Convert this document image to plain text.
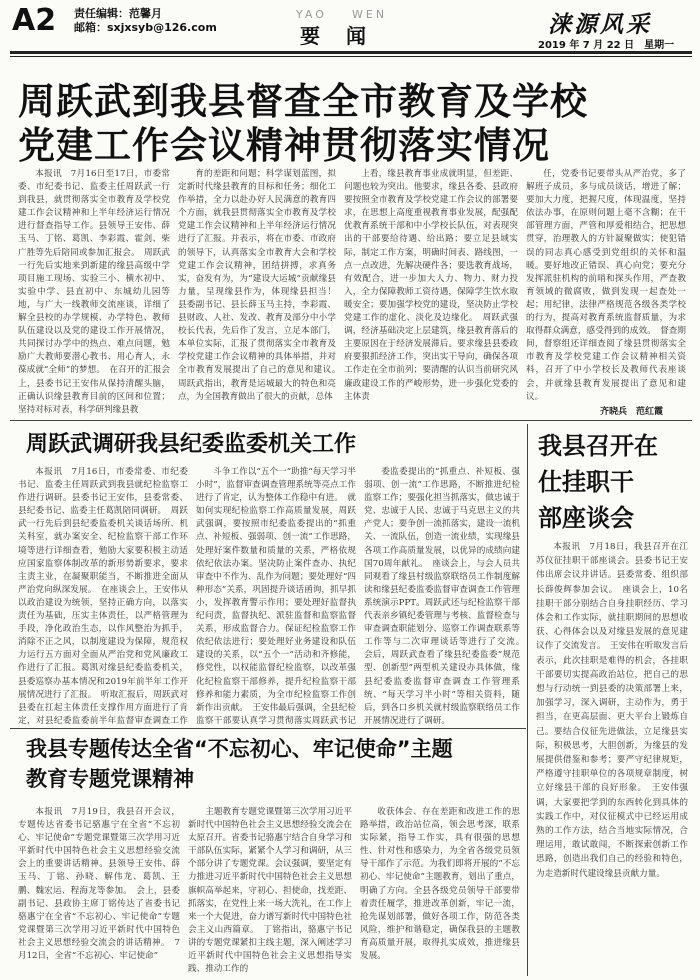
A2 责任编辑：范馨月
邮箱：sxjxsyb@126.com
YAO WEN
要闻	涞源风采
2019 年 7 月 22 日　星期一
周跃武到我县督查全市教育及学校
党建工作会议精神贯彻落实情况

本报讯　7月16日至17日，市委常委、市纪委书记、监委主任周跃武一行到我县，就贯彻落实全市教育及学校党建工作会议精神和上半年经济运行情况进行督查指导工作。县领导王安伟、薛玉马、丁铭、葛凯、李彩霞、霍剑、柴广胜等先后陪同或参加汇报会。　周跃武一行先后实地来到新建的缘县高级中学项目施工现场、实验三小、横水初中、实验中学、县直初中、东城幼儿园等地，与广大一线教师交流座谈，详细了解全县校的办学规模、办学特色、教师队伍建设以及党的建设工作开展情况，共同探讨办学中的热点、难点问题，勉励广大教师要潜心教书、用心育人，永葆成就“全师”的梦想。　在召开的汇报会上，县委书记王安伟从保持清醒头脑，正确认识缘县教育目前的区间和位置；坚持对标对表，科学研判缘县教

育的差距和问题；科学谋划蓝图，拟定新时代缘县教育的目标和任务；细化工作举措，全力以赴办好人民满意的教育四个方面，就我县贯彻落实全市教育及学校党建工作会议精神和上半年经济运行情况进行了汇报。并表示，将在市委、市政府的领导下，认真落实全市教育大会和学校党建工作会议精神，团结拼搏，求真务实，奋发有为，为“建设大运城”贡献缘县力量，呈现缘县作为，体现缘县担当！　县委副书记、县长薛玉马主持，李彩霞、县财政、人社、发改、教育及部分中小学校长代表，先后作了发言，立足本部门，本单位实际，汇报了贯彻落实全市教育及学校党建工作会议精神的具体举措，并对全市教育发展提出了自己的意见和建议。　周跃武指出，教育是运城最大的特色和亮点，为全国教育做出了很大的贡献，总体

上看，缘县教育事业成就明显，但差距、问题也较为突出。他要求，缘县各委、县政府要按照全市教育及学校党建工作会议的部署要求，在思想上高度重视教育事业发展，配强配优教育系统干部和中小学校长队伍，对表现突出的干部要给待遇、给出路；要立足县域实际，制定工作方案，明确时间表、路线图，一点一点改进，先解决硬件各；要选教育战场，有效配合，进一步加大人力、物力、财力投入，全力保障教师工资待遇，保障学生饮水取暖安全；要加强学校党的建设，坚决防止学校党建工作的虚化、淡化及边缘化。　周跃武强调，经济基础决定上层建筑，缘县教育落后的主要原因在于经济发展滞后。要求缘县县委政府要狠抓经济工作，突出实干导向，确保各项工作走在全市前列；要清醒的认识当前研究风廉政建设工作的严峻形势，进一步强化党委的主体责

任，党委书记要带头从严治党，多了解班子成员，多与成员谈话，增进了解；要加大力度，把握尺度，体现温度，坚持依法办事，在原则问题上毫不含糊；在干部管理方面，严管和厚爱相结合，把思想贯穿，治理教人的方针凝聚做实；使犯错误的同志真心感受到党组织的关怀和温暖。要好地改正错误、真心向党；要充分发挥派驻机构的前哨和探头作用，严查教育领域的微腐败，做到发现一起查处一起；用纪律，法律严格规范各级各类学校的行为，提高对教育系统监督质量，为求取得群众满意，感受得到的成效。　督查期间，督察组还详细查阅了缘县贯彻落实全市教育及学校党建工作会议精神相关资料，召开了中小学校长及教师代表座谈会，并就缘县教育发展提出了意见和建议。

齐晓兵　范红霞
周跃武调研我县纪委监委机关工作

本报讯　7月16日，市委常委、市纪委书记、监委主任周跃武到我县就纪检监察工作进行调研。县委书记王安伟，县委常委、县纪委书记、监委主任葛凯陪同调研。　周跃武一行先后到县纪委监委机关谈话场所、机关科室，就办案安全、纪检监察干部工作环境等进行详细查看，勉励大家要积极主动适应国家监察体制改革的新形势新要求，要求主责主业，在凝聚职能当，不断推进全面从严治党向纵深发展。　在座谈会上，王安伟从以政治建设为统领，坚持正确方向，以落实责任为基础，压实主体责任，以严格管理为手段，净化政治生态，以作风整治为抓手，消除不正之风，以制度建设为保障，规范权力运行五方面对全面从严治党和党风廉政工作进行了汇报。葛凯对缘县纪委监委机关，县委巡察办基本情况和2019年前半年工作开展情况进行了汇报。　听取汇报后，周跃武对县委在扛起主体责任支撑作用方面进行了肯定，对县纪委监委前半年监督审查调查工作

斗争工作以“五个一”助推“每天学习半小时”，监督审查调查管理系统等亮点工作进行了肯定，认为整体工作稳中有进。　就如何实现纪检监察工作高质量发展，周跃武强调，要按照市纪委监委提出的“抓重点、补短板、强弱项、创一流”工作思路，处理好案件数量和质量的关系，严格依规依纪依法办案。坚决防止案件查办、执纪审查中不作为、乱作为问题；要处理好“四种形态”关系，巩固提升谈话函询，抓早抓小，发挥教育警示作用；要处理好监督执纪问责，监督执纪、派驻监督和监察监督关系，形成监督合力。保证纪检监察工作依纪依法进行；要处理好业务建设和队伍建设的关系，以“五个一”活动和齐修能，修党性，以权能监督纪检监察，以改革强化纪检监察干部修养，提升纪检监察干部修养和能力素质，为全市纪检监察工作创新作出贡献。　王安伟最后强调，全县纪检监察干部要认真学习贯彻落实周跃武书记

委监委提出的“抓重点、补短板、强弱项、创一流”工作思路，不断推进纪检监察工作；要强化担当抓落实，做忠诚于党、忠诚于人民、忠诚于马克思主义的共产党人；要争创一流抓落实，建设一流机关、一流队伍，创造一流业绩，实现缘县各项工作高质量发展，以优异的成绩向建国70周年献礼。　座谈会上，与会人员共同观看了缘县村级监察联络员工作制度解读和缘县纪委监委监督审查调查工作管理系统演示PPT。周跃武还与纪检监察干部代表亲乡镇纪委管理与考核、监督检查与审查调查职能划分、巡察工作调查联系等工作等与二次审理谈话等进行了交流。　会后，周跃武查看了缘县纪委监委“规范型、创新型”两型机关建设办具体做，缘县纪委监委监督审查调查工作管理系统、“每天学习半小时”等相关资料，随后，到各口乡机关就村级监察联络员工作开展情况进行了调研。

我县召开在
仕挂职干
部座谈会

本报讯　7月18日，我县召开在江苏仪征挂职干部座谈会。县委书记王安伟出席会议并讲话。县委常委、组织部长薛俊辉参加会议。　座谈会上，10名挂职干部分别结合自身挂职经历、学习体会和工作实际，就挂职期间的思想收获、心得体会以及对缘县发展的意见建议作了交流发言。　王安伟在听取发言后表示，此次挂职是难得的机会，各挂职干部要切实提高政治站位，把自己的思想与行动统一到县委的决策部署上来，加强学习，深入调研，主动作为，勇于担当，在更高层面、更大平台上锻炼自己。要结合仪征先进做法，立足缘县实际，积极思考，大胆创新，为缘县的发展提供借鉴和参考；要严守纪律规矩，严格遵守挂职单位的各项规章制度，树立好缘县干部的良好形象。　王安伟强调，大家要把学到的东西转化到具体的实践工作中，对仪征模式中已经运用成熟的工作方法，结合当地实际情况，合理运用，敢试敢闯，不断探索创新工作思路，创造出我们自己的经验和特色，为走造新时代建设缘县贡献力量。

我县专题传达全省“不忘初心、牢记使命”主题
教育专题党课精神

本报讯　7月19日，我县召开会议，专题传达省委书记骆惠宁在全省“不忘初心、牢记使命”专题党课暨第三次学用习近平新时代中国特色社会主义思想经验交流会上的重要讲话精神。县领导王安伟、薛玉马、丁铭、孙晓、解伟龙、葛凯、王鹏、魏宏运、程海龙等参加。　会上，县委副书记、县政协主席丁铭传达了省委书记骆惠宁在全省“不忘初心、牢记使命”专题党课暨第三次学用习近平新时代中国特色社会主义思想经验交流会的讲话精神。　7月12日，全省“不忘初心、牢记使命”

主题教育专题党课暨第三次学用习近平新时代中国特色社会主义思想经验交流会在太原召开。省委书记骆惠宁结合自身学习和干部队伍实际，紧紧个人学习和调研，从三个部分讲了专题党课。会议强调，要坚定有力推进习近平新时代中国特色社会主义思想旗帜高举起来，守初心、担使命，找差距、抓落实，在党性上来一场大洗礼，在工作上来一个大促进，奋力谱写新时代中国特色社会主义山西篇章。　丁铭指出，骆惠宁书记讲的专题党课紧扣主线主题，深入阐述学习近平新时代中国特色社会主义思想指导实践、推动工作的

收获体会、存在差距和改进工作的思路举措，政治站位高，领会思考深，联系实际紧，指导工作实，具有很强的思想性、针对性和感染力，为全省各级党员领导干部作了示范。为我们即将开展的“不忘初心、牢记使命”主题教育，划出了重点，明确了方向。全县各级党员领导干部要带着责任履学，推进改革创新，牢记一流，抢先谋划部署，做好各项工作，防范各类风险，维护和谐稳定，确保我县的主题教育高质量开展，取得扎实成效，推进缘县发展。
